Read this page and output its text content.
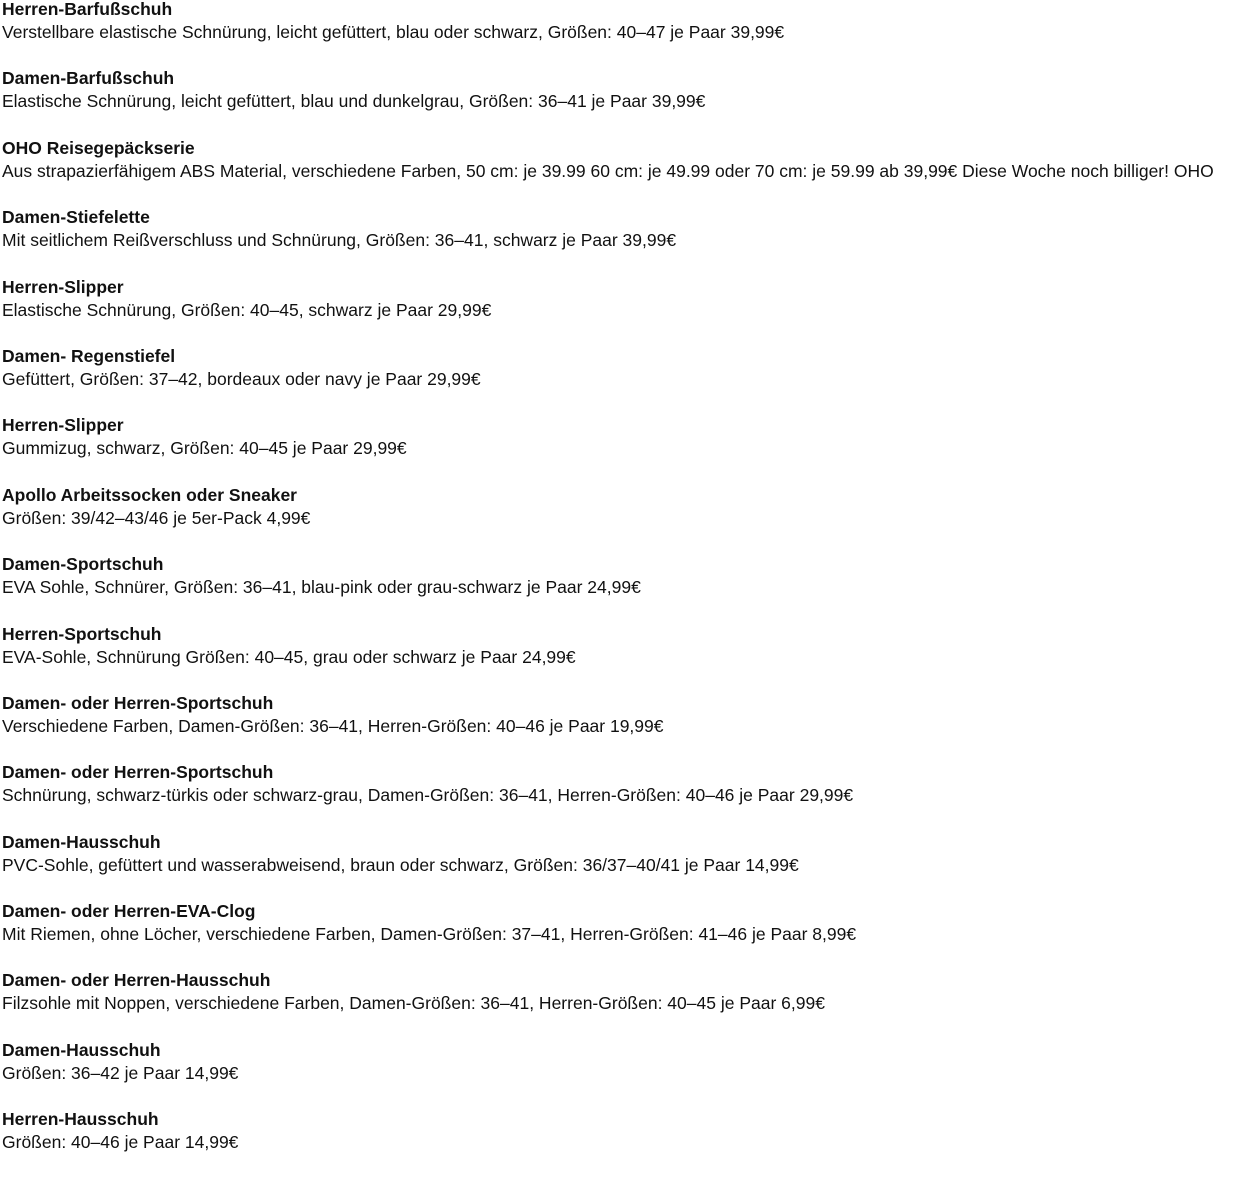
Herren-Barfußschuh
Verstellbare elastische Schnürung, leicht gefüttert, blau oder schwarz, Größen: 40–47 je Paar 39,99€
Damen-Barfußschuh
Elastische Schnürung, leicht gefüttert, blau und dunkelgrau, Größen: 36–41 je Paar 39,99€
OHO Reisegepäckserie
Aus strapazierfähigem ABS Material, verschiedene Farben, 50 cm: je 39.99 60 cm: je 49.99 oder 70 cm: je 59.99 ab 39,99€ Diese Woche noch billiger! OHO
Damen-Stiefelette
Mit seitlichem Reißverschluss und Schnürung, Größen: 36–41, schwarz je Paar 39,99€
Herren-Slipper
Elastische Schnürung, Größen: 40–45, schwarz je Paar 29,99€
Damen- Regenstiefel
Gefüttert, Größen: 37–42, bordeaux oder navy je Paar 29,99€
Herren-Slipper
Gummizug, schwarz, Größen: 40–45 je Paar 29,99€
Apollo Arbeitssocken oder Sneaker
Größen: 39/42–43/46 je 5er-Pack 4,99€
Damen-Sportschuh
EVA Sohle, Schnürer, Größen: 36–41, blau-pink oder grau-schwarz je Paar 24,99€
Herren-Sportschuh
EVA-Sohle, Schnürung Größen: 40–45, grau oder schwarz je Paar 24,99€
Damen- oder Herren-Sportschuh
Verschiedene Farben, Damen-Größen: 36–41, Herren-Größen: 40–46 je Paar 19,99€
Damen- oder Herren-Sportschuh
Schnürung, schwarz-türkis oder schwarz-grau, Damen-Größen: 36–41, Herren-Größen: 40–46 je Paar 29,99€
Damen-Hausschuh
PVC-Sohle, gefüttert und wasserabweisend, braun oder schwarz, Größen: 36/37–40/41 je Paar 14,99€
Damen- oder Herren-EVA-Clog
Mit Riemen, ohne Löcher, verschiedene Farben, Damen-Größen: 37–41, Herren-Größen: 41–46 je Paar 8,99€
Damen- oder Herren-Hausschuh
Filzsohle mit Noppen, verschiedene Farben, Damen-Größen: 36–41, Herren-Größen: 40–45 je Paar 6,99€
Damen-Hausschuh
Größen: 36–42 je Paar 14,99€
Herren-Hausschuh
Größen: 40–46 je Paar 14,99€
